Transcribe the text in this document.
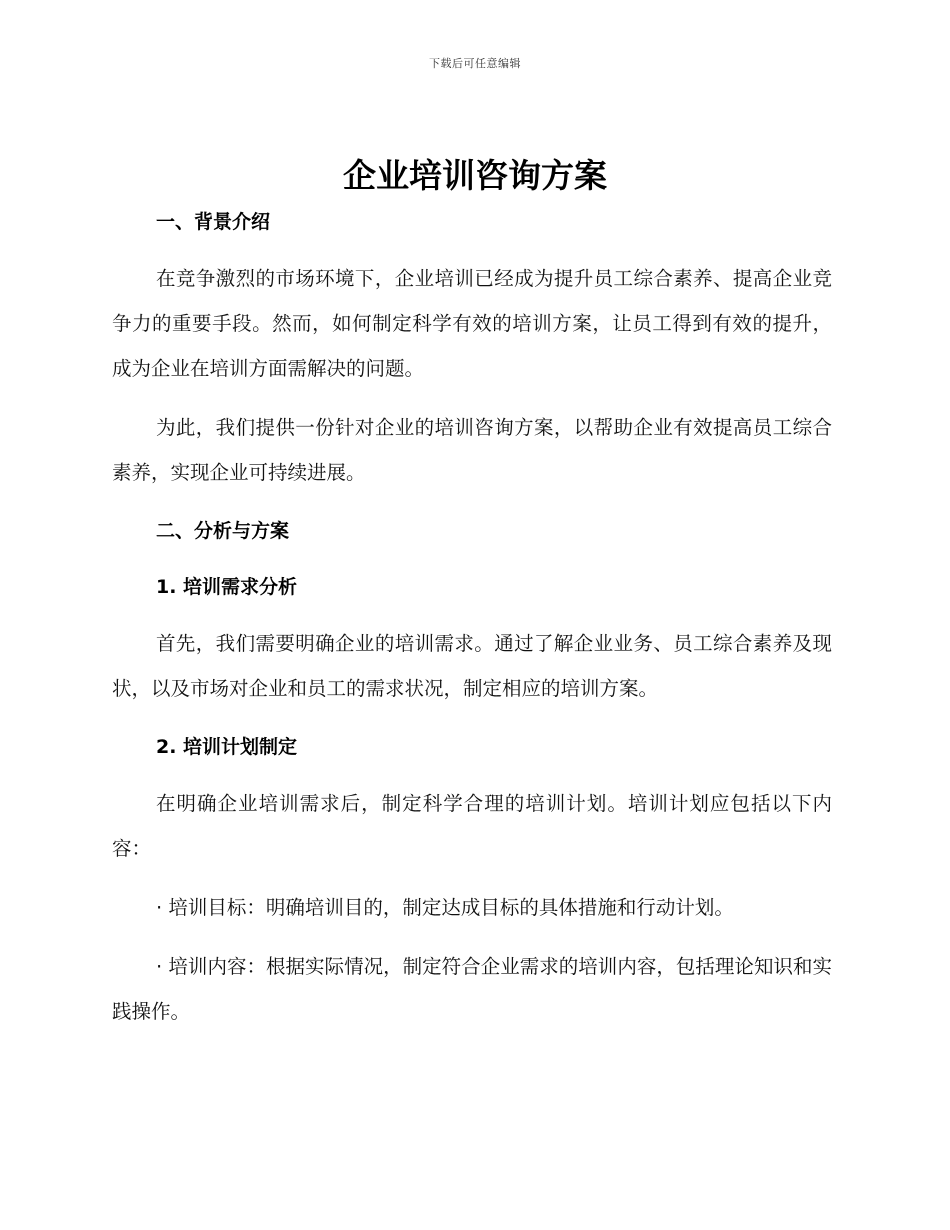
下载后可任意编辑
企业培训咨询方案

一、背景介绍

在竞争激烈的市场环境下，企业培训已经成为提升员工综合素养、提高企业竞争力的重要手段。然而，如何制定科学有效的培训方案，让员工得到有效的提升，成为企业在培训方面需解决的问题。

为此，我们提供一份针对企业的培训咨询方案，以帮助企业有效提高员工综合素养，实现企业可持续进展。

二、分析与方案

1. 培训需求分析

首先，我们需要明确企业的培训需求。通过了解企业业务、员工综合素养及现状，以及市场对企业和员工的需求状况，制定相应的培训方案。

2. 培训计划制定

在明确企业培训需求后，制定科学合理的培训计划。培训计划应包括以下内容：

· 培训目标：明确培训目的，制定达成目标的具体措施和行动计划。

· 培训内容：根据实际情况，制定符合企业需求的培训内容，包括理论知识和实践操作。
